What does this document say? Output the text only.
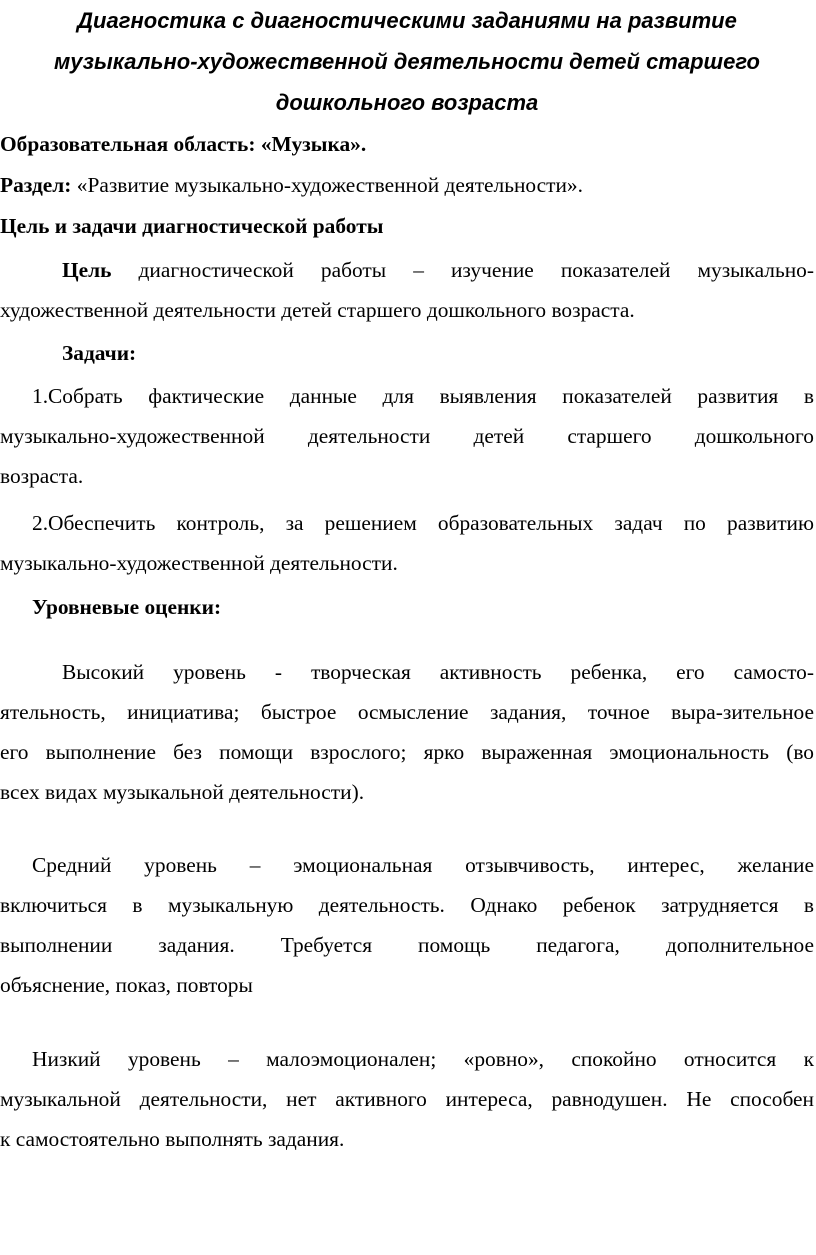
Диагностика с диагностическими заданиями на развитие
музыкально-художественной деятельности детей старшего
дошкольного возраста
Образовательная область: «Музыка».
Раздел: «Развитие музыкально-художественной деятельности».
Цель и задачи диагностической работы
Цель диагностической работы – изучение показателей музыкально-
художественной деятельности детей старшего дошкольного возраста.
Задачи:
1.Собрать фактические данные для выявления показателей развития в
музыкально-художественной деятельности детей старшего дошкольного
возраста.
2.Обеспечить контроль, за решением образовательных задач по развитию
музыкально-художественной деятельности.
Уровневые оценки:
Высокий уровень - творческая активность ребенка, его самосто-
ятельность, инициатива; быстрое осмысление задания, точное выра-зительное
его выполнение без помощи взрослого; ярко выраженная эмоциональность (во
всех видах музыкальной деятельности).
Средний уровень – эмоциональная отзывчивость, интерес, желание
включиться в музыкальную деятельность. Однако ребенок затрудняется в
выполнении задания. Требуется помощь педагога, дополнительное
объяснение, показ, повторы
Низкий уровень – малоэмоционален; «ровно», спокойно относится к
музыкальной деятельности, нет активного интереса, равнодушен. Не способен
к самостоятельно выполнять задания.
